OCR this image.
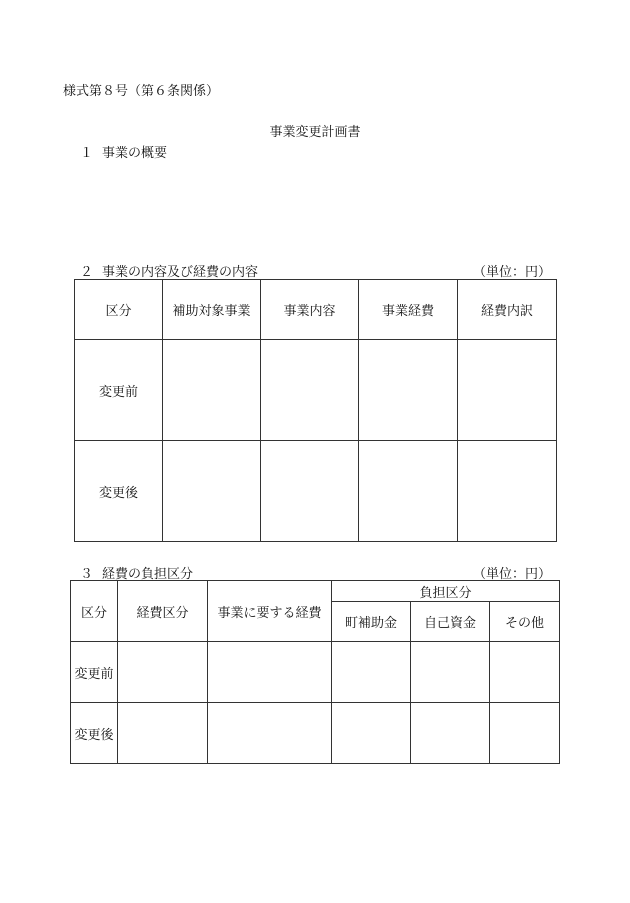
様式第８号（第６条関係）
事業変更計画書
１ 事業の概要
２ 事業の内容及び経費の内容	（単位：円）
区分	補助対象事業	事業内容	事業経費	経費内訳
変更前				
変更後				
３ 経費の負担区分	（単位：円）
区分	経費区分	事業に要する経費	負担区分		
			町補助金	自己資金	その他
変更前					
変更後					
